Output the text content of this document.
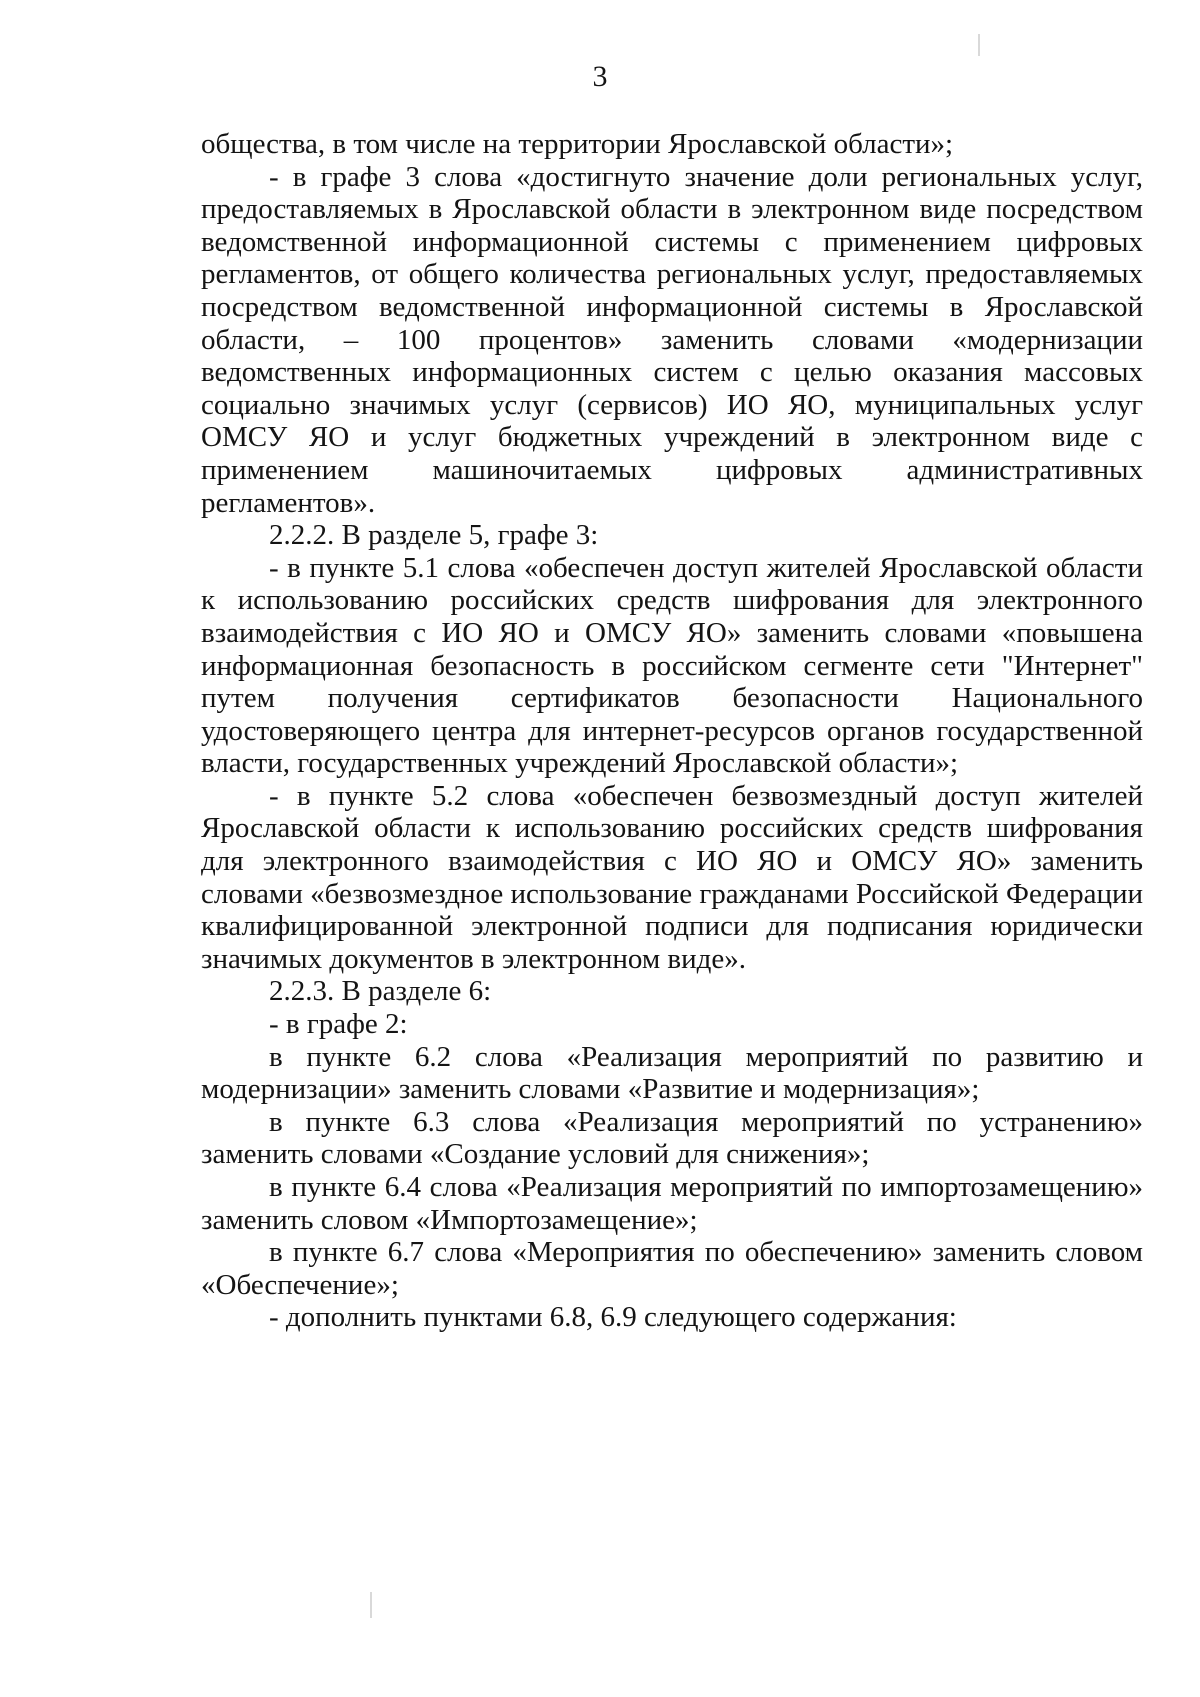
3

общества, в том числе на территории Ярославской области»;

- в графе 3 слова «достигнуто значение доли региональных услуг, предоставляемых в Ярославской области в электронном виде посредством ведомственной информационной системы с применением цифровых регламентов, от общего количества региональных услуг, предоставляемых посредством ведомственной информационной системы в Ярославской области, – 100 процентов» заменить словами «модернизации ведомственных информационных систем с целью оказания массовых социально значимых услуг (сервисов) ИО ЯО, муниципальных услуг ОМСУ ЯО и услуг бюджетных учреждений в электронном виде с применением машиночитаемых цифровых административных регламентов».

2.2.2. В разделе 5, графе 3:

- в пункте 5.1 слова «обеспечен доступ жителей Ярославской области к использованию российских средств шифрования для электронного взаимодействия с ИО ЯО и ОМСУ ЯО» заменить словами «повышена информационная безопасность в российском сегменте сети "Интернет" путем получения сертификатов безопасности Национального удостоверяющего центра для интернет-ресурсов органов государственной власти, государственных учреждений Ярославской области»;

- в пункте 5.2 слова «обеспечен безвозмездный доступ жителей Ярославской области к использованию российских средств шифрования для электронного взаимодействия с ИО ЯО и ОМСУ ЯО» заменить словами «безвозмездное использование гражданами Российской Федерации квалифицированной электронной подписи для подписания юридически значимых документов в электронном виде».

2.2.3. В разделе 6:

- в графе 2:

в пункте 6.2 слова «Реализация мероприятий по развитию и модернизации» заменить словами «Развитие и модернизация»;

в пункте 6.3 слова «Реализация мероприятий по устранению» заменить словами «Создание условий для снижения»;

в пункте 6.4 слова «Реализация мероприятий по импортозамещению» заменить словом «Импортозамещение»;

в пункте 6.7 слова «Мероприятия по обеспечению» заменить словом «Обеспечение»;

- дополнить пунктами 6.8, 6.9 следующего содержания:
